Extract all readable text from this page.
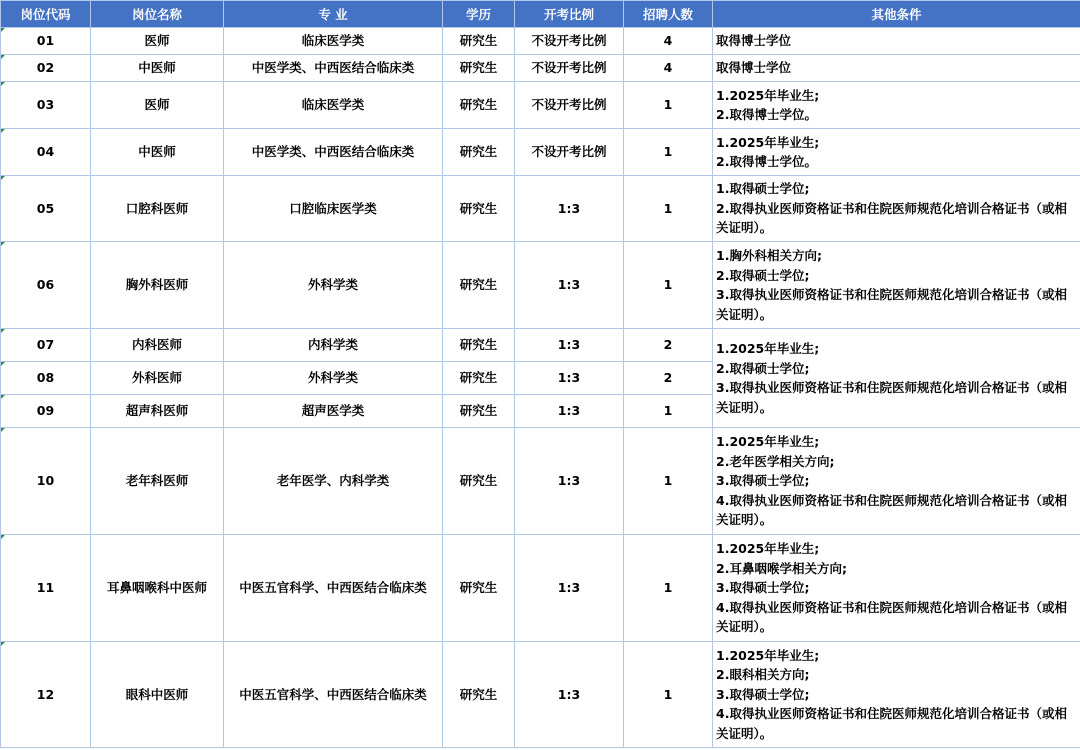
岗位代码	岗位名称	专 业	学历	开考比例	招聘人数	其他条件
01	医师	临床医学类	研究生	不设开考比例	4	取得博士学位

02	中医师	中医学类、中西医结合临床类	研究生	不设开考比例	4	取得博士学位

03	医师	临床医学类	研究生	不设开考比例	1	1.2025年毕业生;
2.取得博士学位。

04	中医师	中医学类、中西医结合临床类	研究生	不设开考比例	1	1.2025年毕业生;
2.取得博士学位。

05	口腔科医师	口腔临床医学类	研究生	1:3	1	1.取得硕士学位;
2.取得执业医师资格证书和住院医师规范化培训合格证书（或相关证明）。

06	胸外科医师	外科学类	研究生	1:3	1	1.胸外科相关方向;
2.取得硕士学位;
3.取得执业医师资格证书和住院医师规范化培训合格证书（或相关证明）。

07	内科医师	内科学类	研究生	1:3	2	1.2025年毕业生;
2.取得硕士学位;
3.取得执业医师资格证书和住院医师规范化培训合格证书（或相关证明）。

08	外科医师	外科学类	研究生	1:3	2	
09	超声科医师	超声医学类	研究生	1:3	1	
10	老年科医师	老年医学、内科学类	研究生	1:3	1	1.2025年毕业生;
2.老年医学相关方向;
3.取得硕士学位;
4.取得执业医师资格证书和住院医师规范化培训合格证书（或相关证明）。

11	耳鼻咽喉科中医师	中医五官科学、中西医结合临床类	研究生	1:3	1	1.2025年毕业生;
2.耳鼻咽喉学相关方向;
3.取得硕士学位;
4.取得执业医师资格证书和住院医师规范化培训合格证书（或相关证明）。

12	眼科中医师	中医五官科学、中西医结合临床类	研究生	1:3	1	1.2025年毕业生;
2.眼科相关方向;
3.取得硕士学位;
4.取得执业医师资格证书和住院医师规范化培训合格证书（或相关证明）。
